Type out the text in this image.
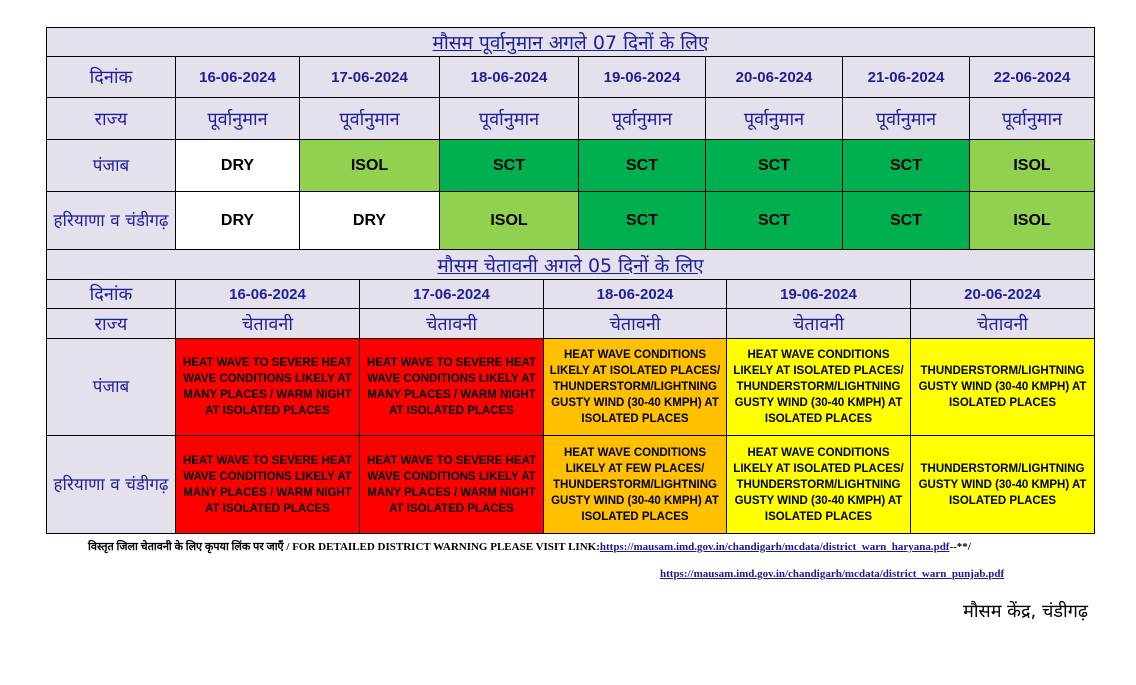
मौसम पूर्वानुमान अगले 07 दिनों के लिए							
दिनांक	16-06-2024	17-06-2024	18-06-2024	19-06-2024	20-06-2024	21-06-2024	22-06-2024
राज्य	पूर्वानुमान	पूर्वानुमान	पूर्वानुमान	पूर्वानुमान	पूर्वानुमान	पूर्वानुमान	पूर्वानुमान
पंजाब	DRY	ISOL	SCT	SCT	SCT	SCT	ISOL
हरियाणा व चंडीगढ़	DRY	DRY	ISOL	SCT	SCT	SCT	ISOL
मौसम चेतावनी अगले 05 दिनों के लिए					
दिनांक	16-06-2024	17-06-2024	18-06-2024	19-06-2024	20-06-2024
राज्य	चेतावनी	चेतावनी	चेतावनी	चेतावनी	चेतावनी
पंजाब	HEAT WAVE TO SEVERE HEAT WAVE CONDITIONS LIKELY AT MANY PLACES / WARM NIGHT AT ISOLATED PLACES	HEAT WAVE TO SEVERE HEAT WAVE CONDITIONS LIKELY AT MANY PLACES / WARM NIGHT AT ISOLATED PLACES	HEAT WAVE CONDITIONS LIKELY AT ISOLATED PLACES/ THUNDERSTORM/LIGHTNING GUSTY WIND (30-40 KMPH) AT ISOLATED PLACES	HEAT WAVE CONDITIONS LIKELY AT ISOLATED PLACES/ THUNDERSTORM/LIGHTNING GUSTY WIND (30-40 KMPH) AT ISOLATED PLACES	THUNDERSTORM/LIGHTNING GUSTY WIND (30-40 KMPH) AT ISOLATED PLACES
हरियाणा व चंडीगढ़	HEAT WAVE TO SEVERE HEAT WAVE CONDITIONS LIKELY AT MANY PLACES / WARM NIGHT AT ISOLATED PLACES	HEAT WAVE TO SEVERE HEAT WAVE CONDITIONS LIKELY AT MANY PLACES / WARM NIGHT AT ISOLATED PLACES	HEAT WAVE CONDITIONS LIKELY AT FEW PLACES/ THUNDERSTORM/LIGHTNING GUSTY WIND (30-40 KMPH) AT ISOLATED PLACES	HEAT WAVE CONDITIONS LIKELY AT ISOLATED PLACES/ THUNDERSTORM/LIGHTNING GUSTY WIND (30-40 KMPH) AT ISOLATED PLACES	THUNDERSTORM/LIGHTNING GUSTY WIND (30-40 KMPH) AT ISOLATED PLACES
विस्तृत जिला चेतावनी के लिए कृपया लिंक पर जाएँ / FOR DETAILED DISTRICT WARNING PLEASE VISIT LINK:https://mausam.imd.gov.in/chandigarh/mcdata/district_warn_haryana.pdf--**/
https://mausam.imd.gov.in/chandigarh/mcdata/district_warn_punjab.pdf
मौसम केंद्र, चंडीगढ़
